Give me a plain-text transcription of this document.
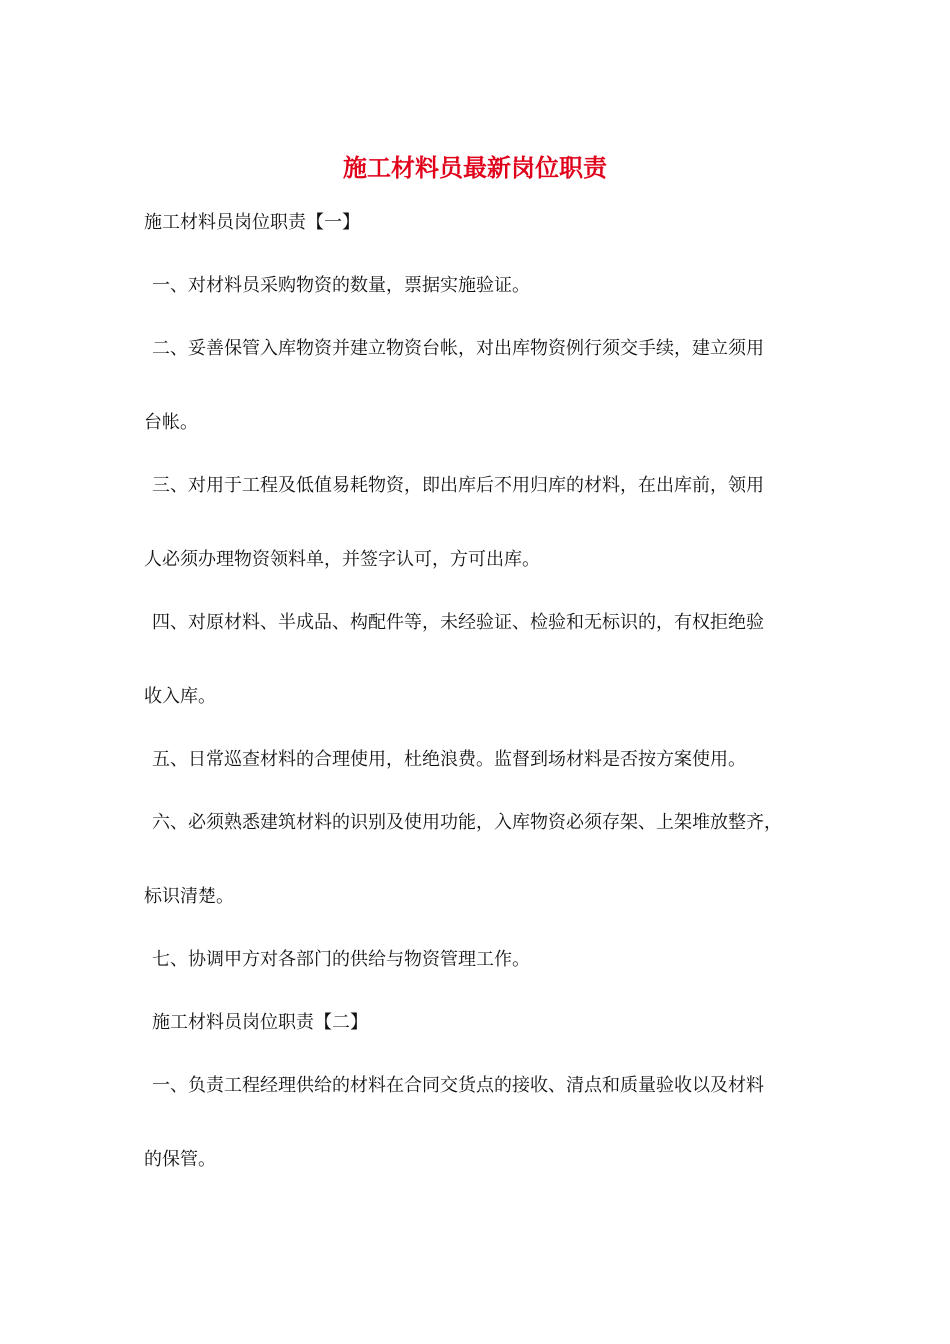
施工材料员最新岗位职责

施工材料员岗位职责【一】

一、对材料员采购物资的数量，票据实施验证。

二、妥善保管入库物资并建立物资台帐，对出库物资例行须交手续，建立须用

台帐。

三、对用于工程及低值易耗物资，即出库后不用归库的材料，在出库前，领用

人必须办理物资领料单，并签字认可，方可出库。

四、对原材料、半成品、构配件等，未经验证、检验和无标识的，有权拒绝验

收入库。

五、日常巡查材料的合理使用，杜绝浪费。监督到场材料是否按方案使用。

六、必须熟悉建筑材料的识别及使用功能，入库物资必须存架、上架堆放整齐，

标识清楚。

七、协调甲方对各部门的供给与物资管理工作。

施工材料员岗位职责【二】

一、负责工程经理供给的材料在合同交货点的接收、清点和质量验收以及材料

的保管。
